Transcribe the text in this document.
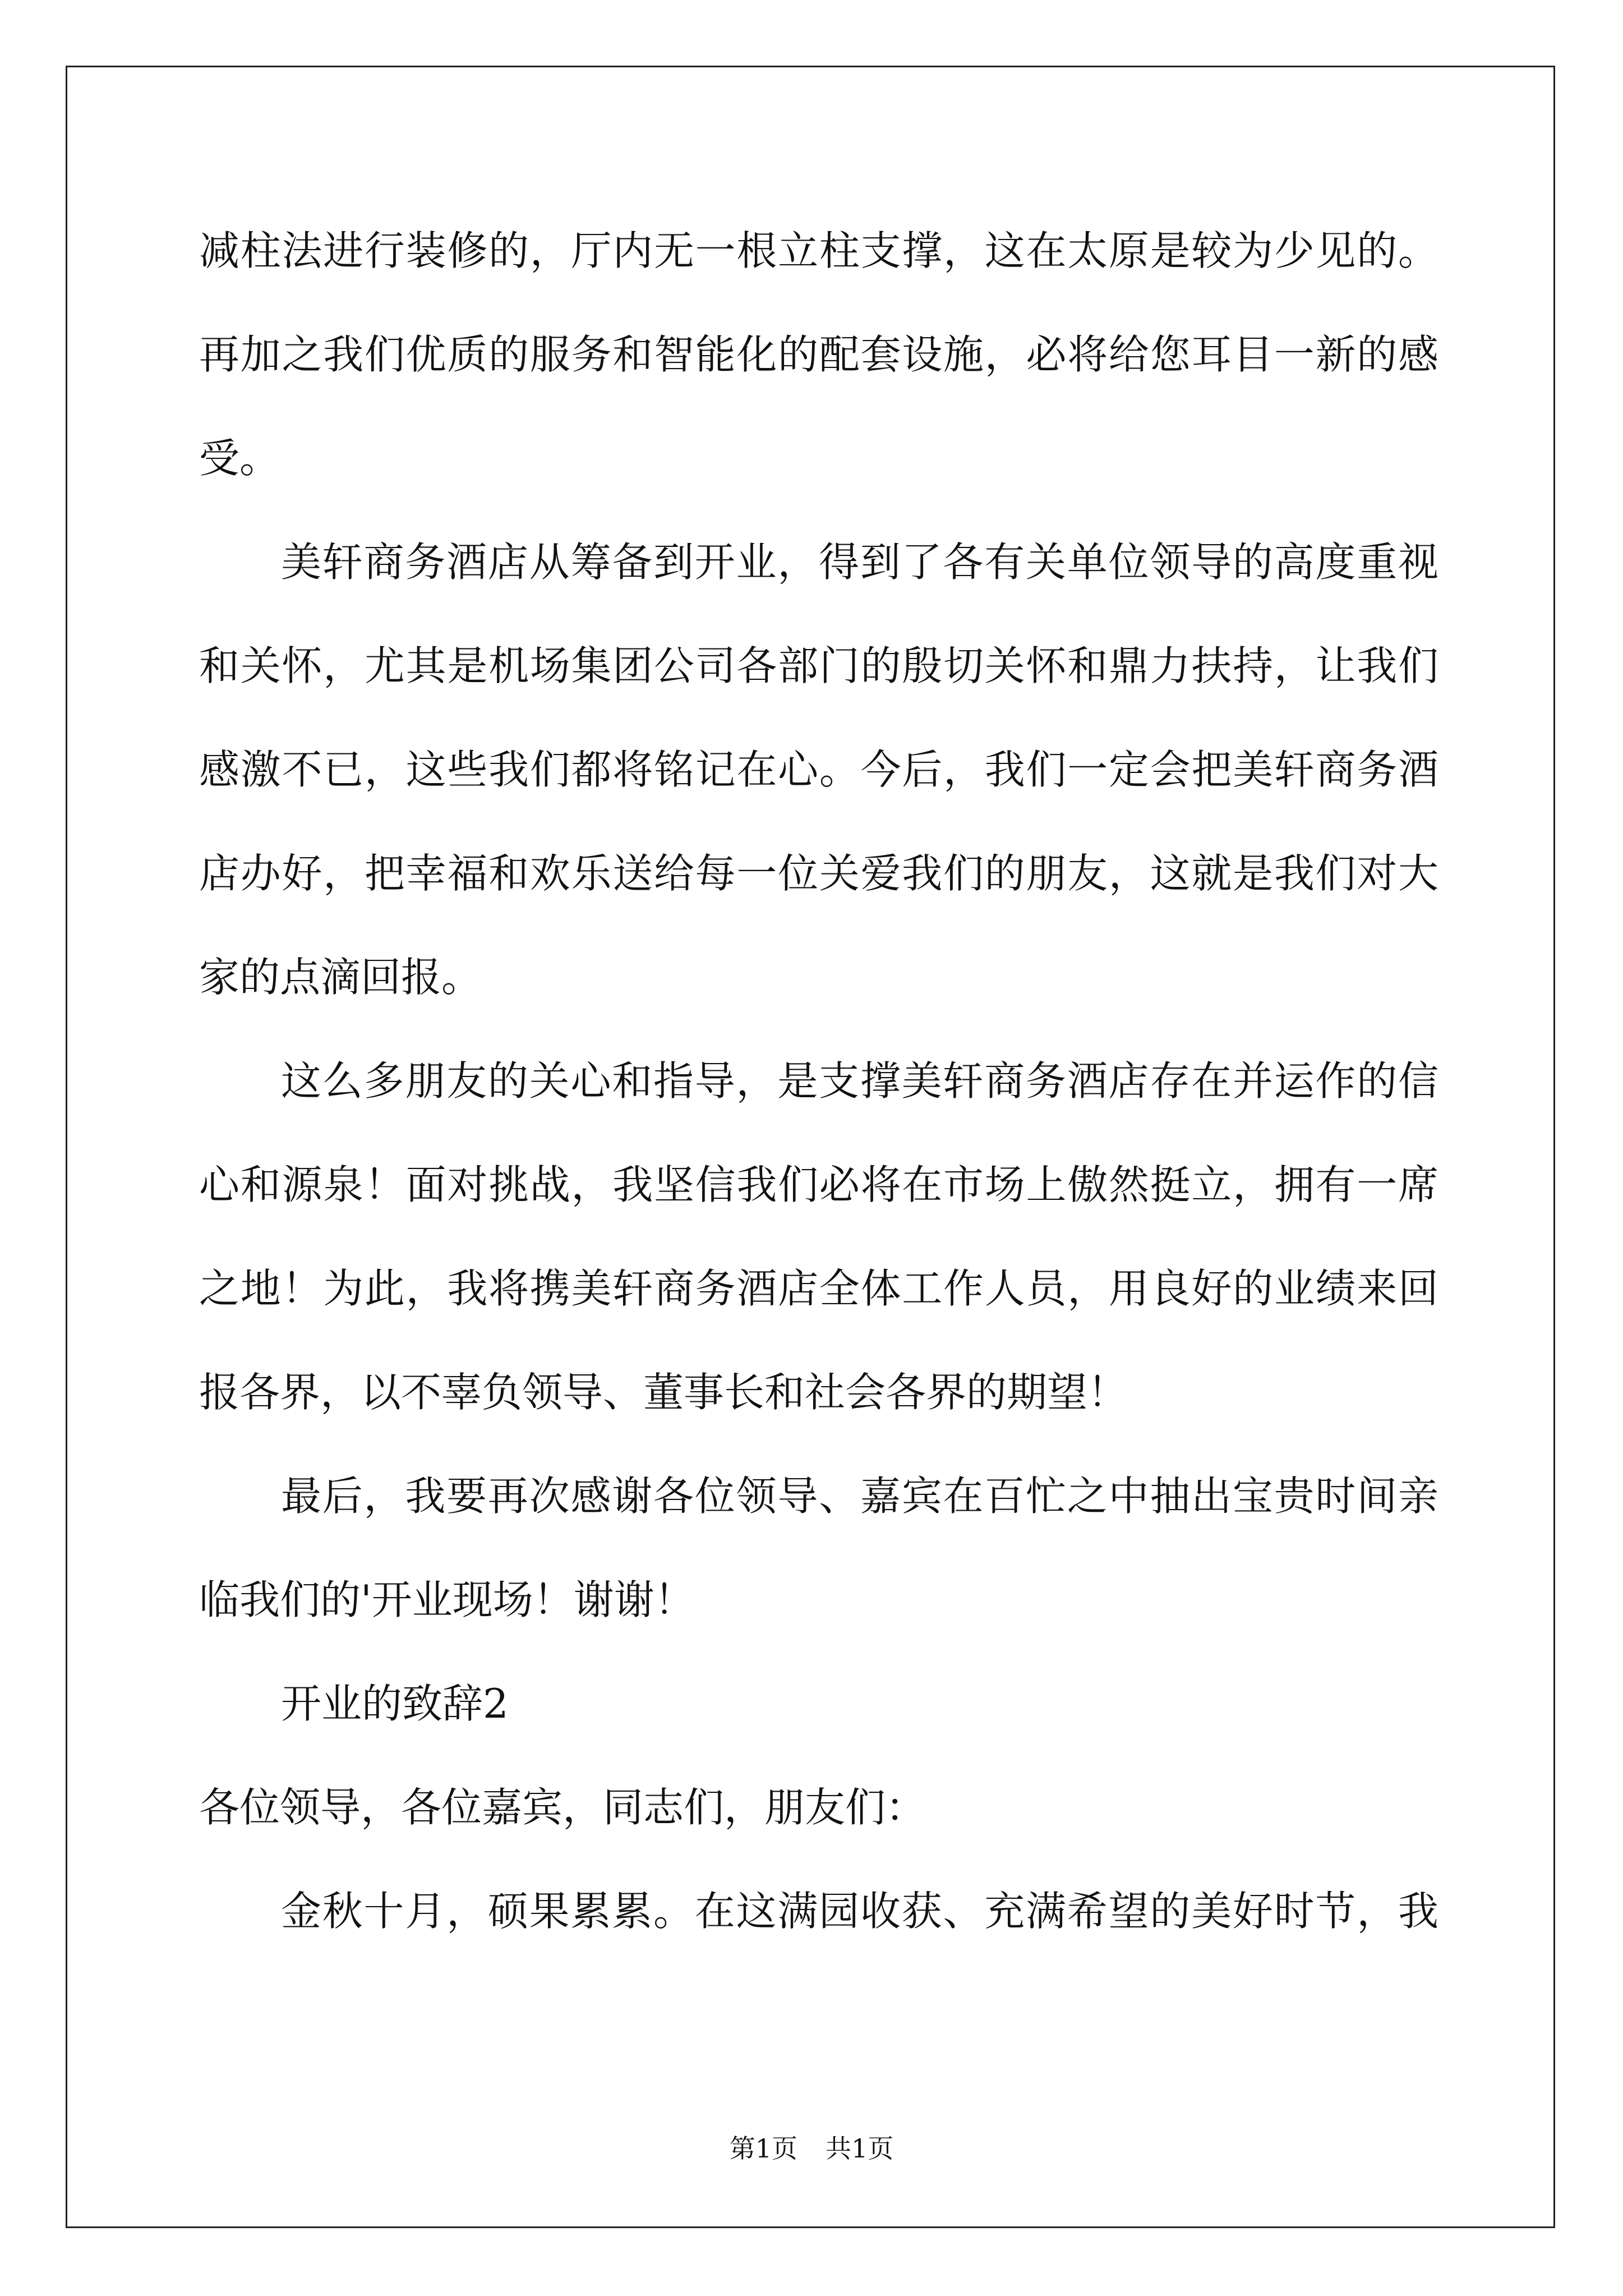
减柱法进行装修的，厅内无一根立柱支撑，这在太原是较为少见的。
再加之我们优质的服务和智能化的配套设施，必将给您耳目一新的感
受。
美轩商务酒店从筹备到开业，得到了各有关单位领导的高度重视
和关怀，尤其是机场集团公司各部门的殷切关怀和鼎力扶持，让我们
感激不已，这些我们都将铭记在心。今后，我们一定会把美轩商务酒
店办好，把幸福和欢乐送给每一位关爱我们的朋友，这就是我们对大
家的点滴回报。
这么多朋友的关心和指导，是支撑美轩商务酒店存在并运作的信
心和源泉！面对挑战，我坚信我们必将在市场上傲然挺立，拥有一席
之地！为此，我将携美轩商务酒店全体工作人员，用良好的业绩来回
报各界，以不辜负领导、董事长和社会各界的期望！
最后，我要再次感谢各位领导、嘉宾在百忙之中抽出宝贵时间亲
临我们的'开业现场！谢谢！
开业的致辞2
各位领导，各位嘉宾，同志们，朋友们：
金秋十月，硕果累累。在这满园收获、充满希望的美好时节，我
第1页 共1页
